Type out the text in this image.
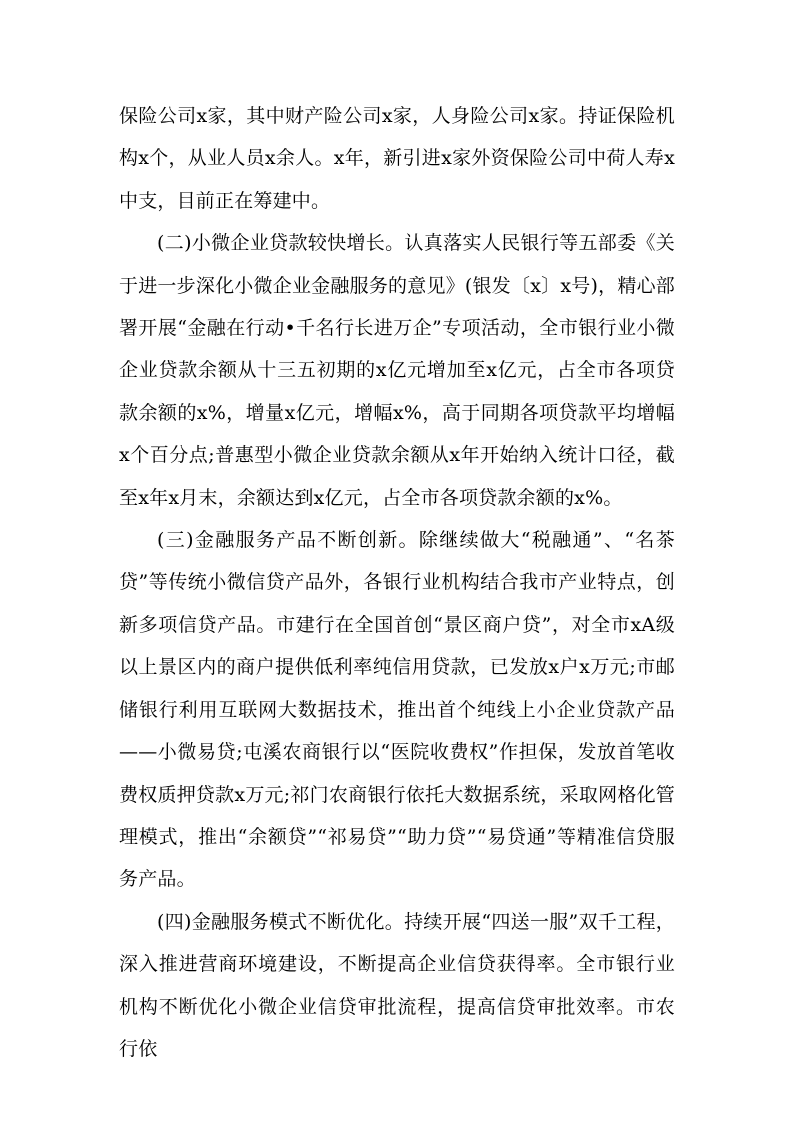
保险公司x家，其中财产险公司x家，人身险公司x家。持证保险机构x个，从业人员x余人。x年，新引进x家外资保险公司中荷人寿x中支，目前正在筹建中。

(二)小微企业贷款较快增长。认真落实人民银行等五部委《关于进一步深化小微企业金融服务的意见》(银发〔x〕x号)，精心部署开展“金融在行动•千名行长进万企”专项活动，全市银行业小微企业贷款余额从十三五初期的x亿元增加至x亿元，占全市各项贷款余额的x%，增量x亿元，增幅x%，高于同期各项贷款平均增幅x个百分点;普惠型小微企业贷款余额从x年开始纳入统计口径，截至x年x月末，余额达到x亿元，占全市各项贷款余额的x%。

(三)金融服务产品不断创新。除继续做大“税融通”、“名茶贷”等传统小微信贷产品外，各银行业机构结合我市产业特点，创新多项信贷产品。市建行在全国首创“景区商户贷”，对全市xA级以上景区内的商户提供低利率纯信用贷款，已发放x户x万元;市邮储银行利用互联网大数据技术，推出首个纯线上小企业贷款产品——小微易贷;屯溪农商银行以“医院收费权”作担保，发放首笔收费权质押贷款x万元;祁门农商银行依托大数据系统，采取网格化管理模式，推出“余额贷”“祁易贷”“助力贷”“易贷通”等精准信贷服务产品。

(四)金融服务模式不断优化。持续开展“四送一服”双千工程，深入推进营商环境建设，不断提高企业信贷获得率。全市银行业机构不断优化小微企业信贷审批流程，提高信贷审批效率。市农行依
